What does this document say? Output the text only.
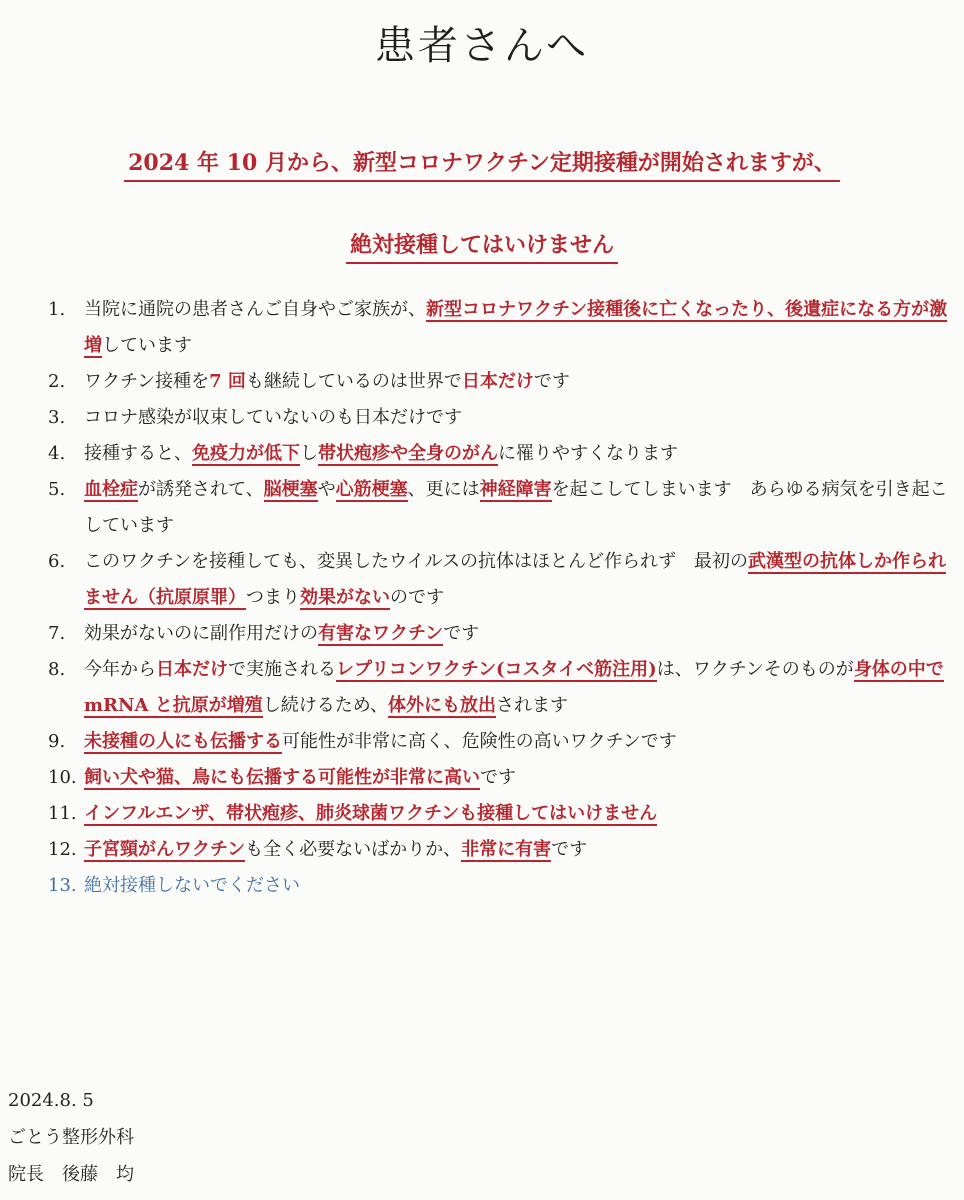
患者さんへ
2024 年 10 月から、新型コロナワクチン定期接種が開始されますが、
絶対接種してはいけません
1.	当院に通院の患者さんご自身やご家族が、新型コロナワクチン接種後に亡くなったり、後遺症になる方が激増しています
2.	ワクチン接種を7 回も継続しているのは世界で日本だけです
3.	コロナ感染が収束していないのも日本だけです
4.	接種すると、免疫力が低下し帯状疱疹や全身のがんに罹りやすくなります
5.	血栓症が誘発されて、脳梗塞や心筋梗塞、更には神経障害を起こしてしまいます　あらゆる病気を引き起こしています
6.	このワクチンを接種しても、変異したウイルスの抗体はほとんど作られず　最初の武漢型の抗体しか作られません（抗原原罪）つまり効果がないのです
7.	効果がないのに副作用だけの有害なワクチンです
8.	今年から日本だけで実施されるレプリコンワクチン(コスタイベ筋注用)は、ワクチンそのものが身体の中で mRNA と抗原が増殖し続けるため、体外にも放出されます
9.	未接種の人にも伝播する可能性が非常に高く、危険性の高いワクチンです
10. 飼い犬や猫、鳥にも伝播する可能性が非常に高いです
11. インフルエンザ、帯状疱疹、肺炎球菌ワクチンも接種してはいけません
12. 子宮頸がんワクチンも全く必要ないばかりか、非常に有害です
13. 絶対接種しないでください
2024.8. 5
ごとう整形外科
院長　後藤　均
